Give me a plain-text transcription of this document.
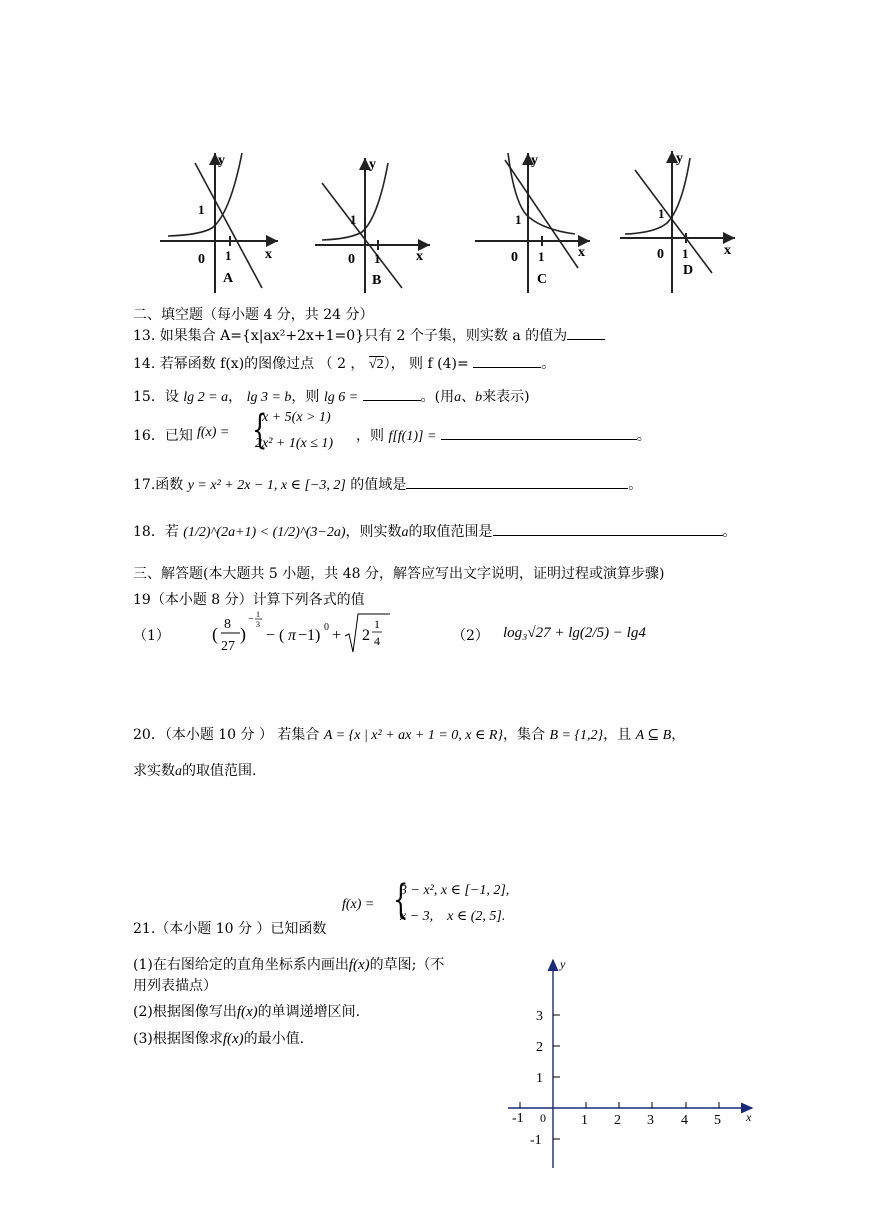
1
0 1 x
y
A
1
0 1	x
y
B
1
0 1 x
y
C
1
0 1	x
y
D
二、填空题（每小题 4 分，共 24 分）
13. 如果集合 A={x|ax²+2x+1=0}只有 2 个子集，则实数 a 的值为
14. 若幂函数 f(x)的图像过点 （ 2 ， √2）， 则 f (4)=	。
15．设 lg 2 = a， lg 3 = b，则 lg 6 =	。(用a、b来表示)
16．已知 f(x) = {
x + 5(x > 1)
2x² + 1(x ≤ 1) ，则 f[f(1)] =	。
17.函数 y = x² + 2x − 1, x ∈ [−3, 2] 的值域是	。
18．若 (1/2)^(2a+1) < (1/2)^(3−2a)，则实数a的取值范围是	。
三、解答题(本大题共 5 小题，共 48 分，解答应写出文字说明，证明过程或演算步骤)
19（本小题 8 分）计算下列各式的值
（1） ( 8
27
)
− 1
3
− ( π −1) 0 + 2
1
4	（2） log₃√27 + lg(2/5) − lg4
20．（本小题 10 分 ） 若集合 A = {x | x² + ax + 1 = 0, x ∈ R}，集合 B = {1,2}，且 A ⊆ B，
求实数a的取值范围.
f(x) = {
3 − x², x ∈ [−1, 2],
x − 3,    x ∈ (2, 5].
21.（本小题 10 分 ）已知函数
(1)在右图给定的直角坐标系内画出f(x)的草图;（不
用列表描点）
(2)根据图像写出f(x)的单调递增区间.
(3)根据图像求f(x)的最小值.
-1	1 2 3 4 5
0
3
2
1
-1
y
x
